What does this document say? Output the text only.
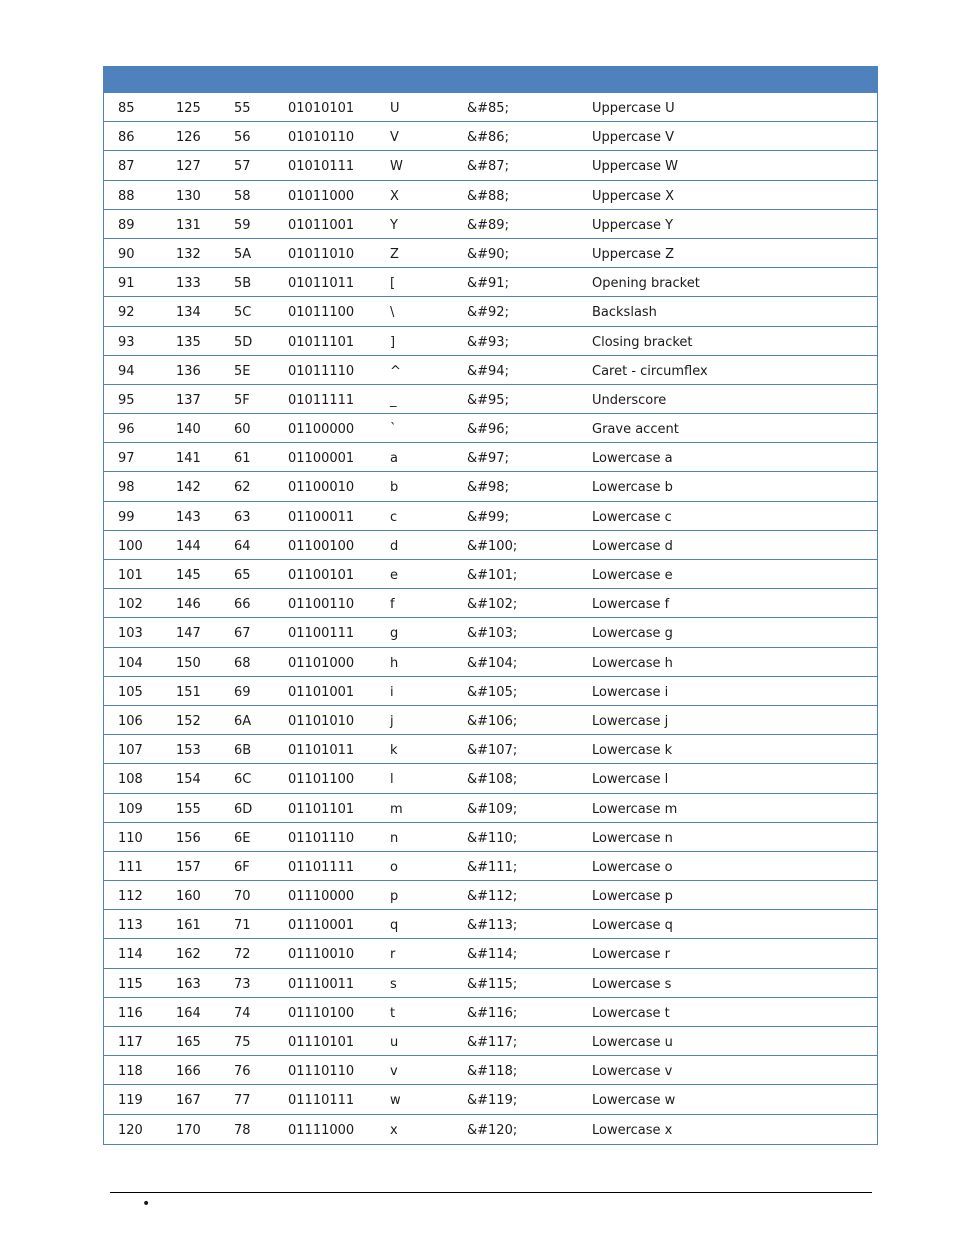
85	125	55	01010101	U	&#85;	Uppercase U
86	126	56	01010110	V	&#86;	Uppercase V
87	127	57	01010111	W	&#87;	Uppercase W
88	130	58	01011000	X	&#88;	Uppercase X
89	131	59	01011001	Y	&#89;	Uppercase Y
90	132	5A	01011010	Z	&#90;	Uppercase Z
91	133	5B	01011011	[	&#91;	Opening bracket
92	134	5C	01011100	\	&#92;	Backslash
93	135	5D	01011101	]	&#93;	Closing bracket
94	136	5E	01011110	^	&#94;	Caret - circumflex
95	137	5F	01011111	_	&#95;	Underscore
96	140	60	01100000	`	&#96;	Grave accent
97	141	61	01100001	a	&#97;	Lowercase a
98	142	62	01100010	b	&#98;	Lowercase b
99	143	63	01100011	c	&#99;	Lowercase c
100	144	64	01100100	d	&#100;	Lowercase d
101	145	65	01100101	e	&#101;	Lowercase e
102	146	66	01100110	f	&#102;	Lowercase f
103	147	67	01100111	g	&#103;	Lowercase g
104	150	68	01101000	h	&#104;	Lowercase h
105	151	69	01101001	i	&#105;	Lowercase i
106	152	6A	01101010	j	&#106;	Lowercase j
107	153	6B	01101011	k	&#107;	Lowercase k
108	154	6C	01101100	l	&#108;	Lowercase l
109	155	6D	01101101	m	&#109;	Lowercase m
110	156	6E	01101110	n	&#110;	Lowercase n
111	157	6F	01101111	o	&#111;	Lowercase o
112	160	70	01110000	p	&#112;	Lowercase p
113	161	71	01110001	q	&#113;	Lowercase q
114	162	72	01110010	r	&#114;	Lowercase r
115	163	73	01110011	s	&#115;	Lowercase s
116	164	74	01110100	t	&#116;	Lowercase t
117	165	75	01110101	u	&#117;	Lowercase u
118	166	76	01110110	v	&#118;	Lowercase v
119	167	77	01110111	w	&#119;	Lowercase w
120	170	78	01111000	x	&#120;	Lowercase x
•
